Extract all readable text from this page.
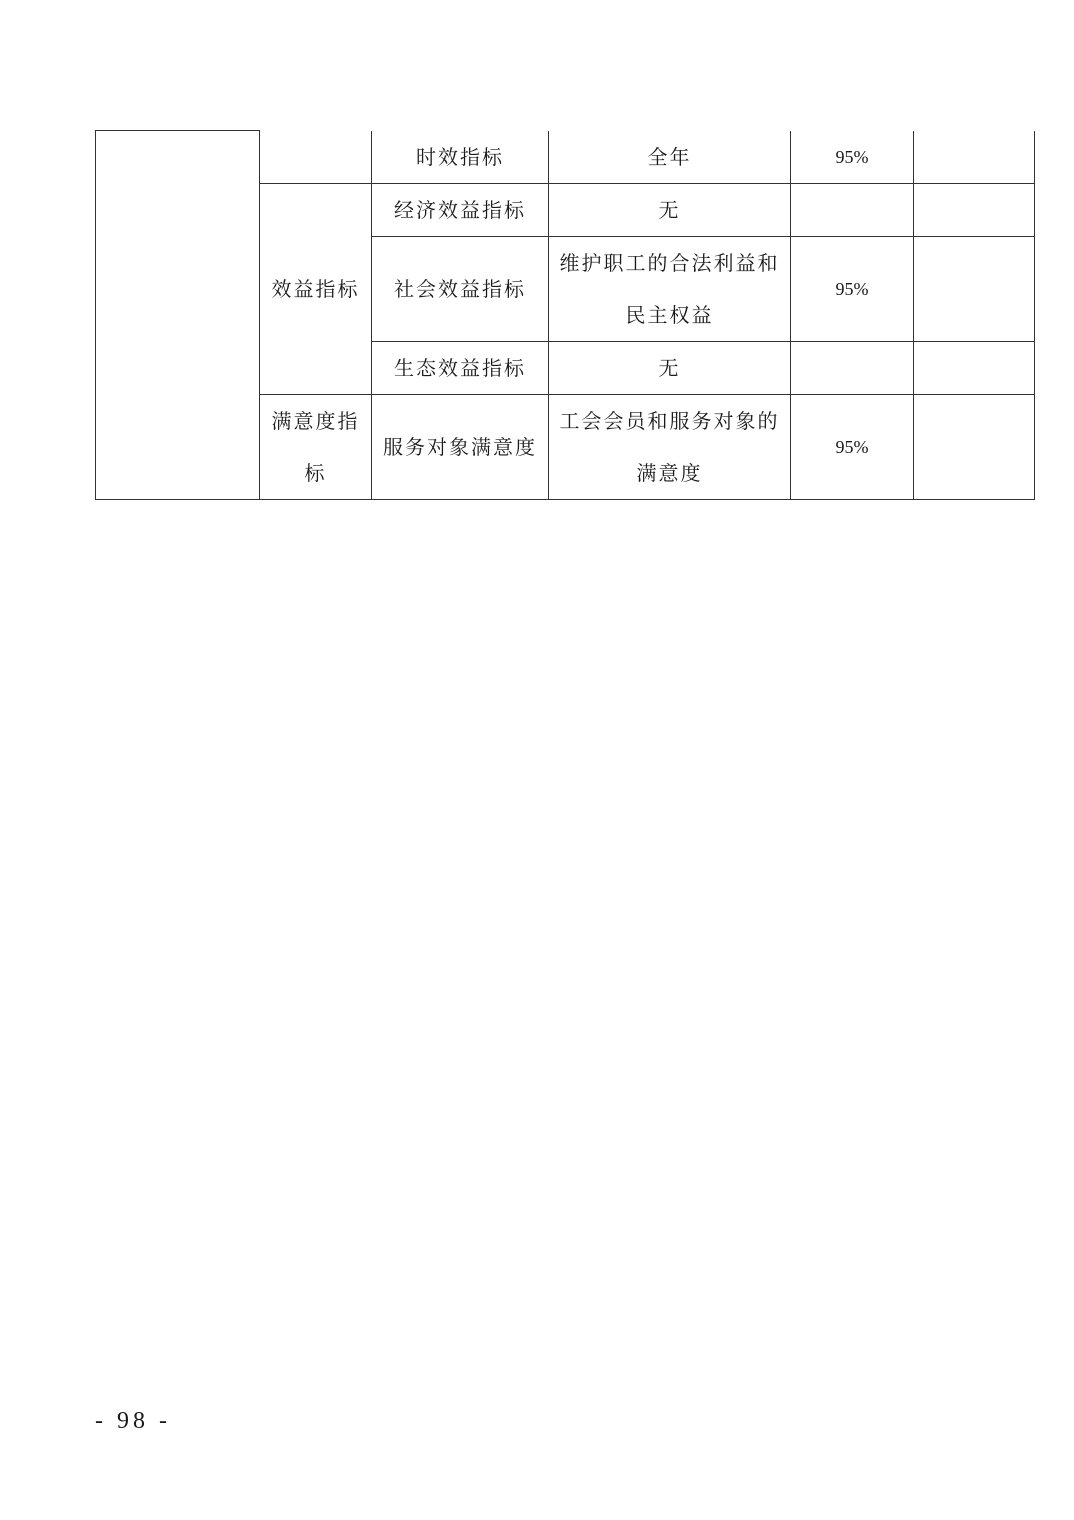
		时效指标	全年	95%	
	效益指标	经济效益指标	无		
		社会效益指标	维护职工的合法利益和民主权益	95%	
		生态效益指标	无		
	满意度指标	服务对象满意度	工会会员和服务对象的满意度	95%	
- 98 -
